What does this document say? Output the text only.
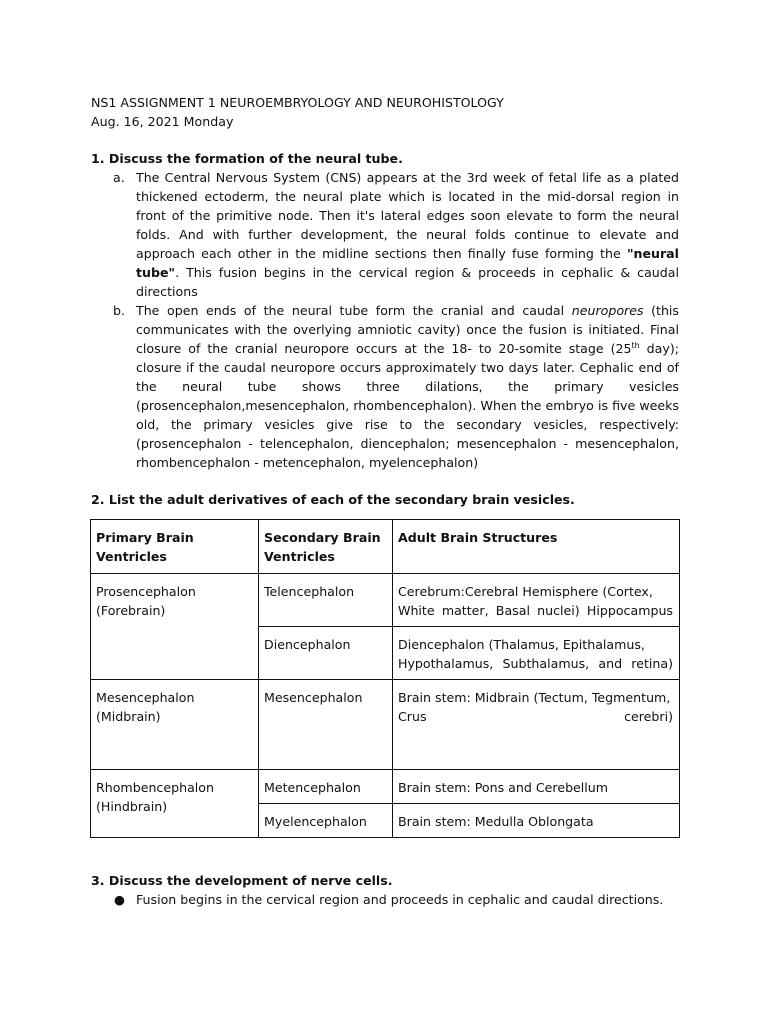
NS1 ASSIGNMENT 1 NEUROEMBRYOLOGY AND NEUROHISTOLOGY

Aug. 16, 2021 Monday

1. Discuss the formation of the neural tube.

a. The Central Nervous System (CNS) appears at the 3rd week of fetal life as a plated thickened ectoderm, the neural plate which is located in the mid-dorsal region in front of the primitive node. Then it's lateral edges soon elevate to form the neural folds. And with further development, the neural folds continue to elevate and approach each other in the midline sections then finally fuse forming the "neural tube". This fusion begins in the cervical region & proceeds in cephalic & caudal directions
b. The open ends of the neural tube form the cranial and caudal neuropores (this communicates with the overlying amniotic cavity) once the fusion is initiated. Final closure of the cranial neuropore occurs at the 18- to 20-somite stage (25th day); closure if the caudal neuropore occurs approximately two days later. Cephalic end of the neural tube shows three dilations, the primary vesicles (prosencephalon,mesencephalon, rhombencephalon). When the embryo is five weeks old, the primary vesicles give rise to the secondary vesicles, respectively: (prosencephalon - telencephalon, diencephalon; mesencephalon - mesencephalon, rhombencephalon - metencephalon, myelencephalon)

2. List the adult derivatives of each of the secondary brain vesicles.

Primary Brain Ventricles	Secondary Brain Ventricles	Adult Brain Structures
Prosencephalon (Forebrain)	Telencephalon	Cerebrum:Cerebral Hemisphere (Cortex, White matter, Basal nuclei) Hippocampus
	Diencephalon	Diencephalon (Thalamus, Epithalamus, Hypothalamus, Subthalamus, and retina)
Mesencephalon (Midbrain)	Mesencephalon	Brain stem: Midbrain (Tectum, Tegmentum, Crus cerebri)
Rhombencephalon (Hindbrain)	Metencephalon	Brain stem: Pons and Cerebellum
	Myelencephalon	Brain stem: Medulla Oblongata

3. Discuss the development of nerve cells.

● Fusion begins in the cervical region and proceeds in cephalic and caudal directions.
